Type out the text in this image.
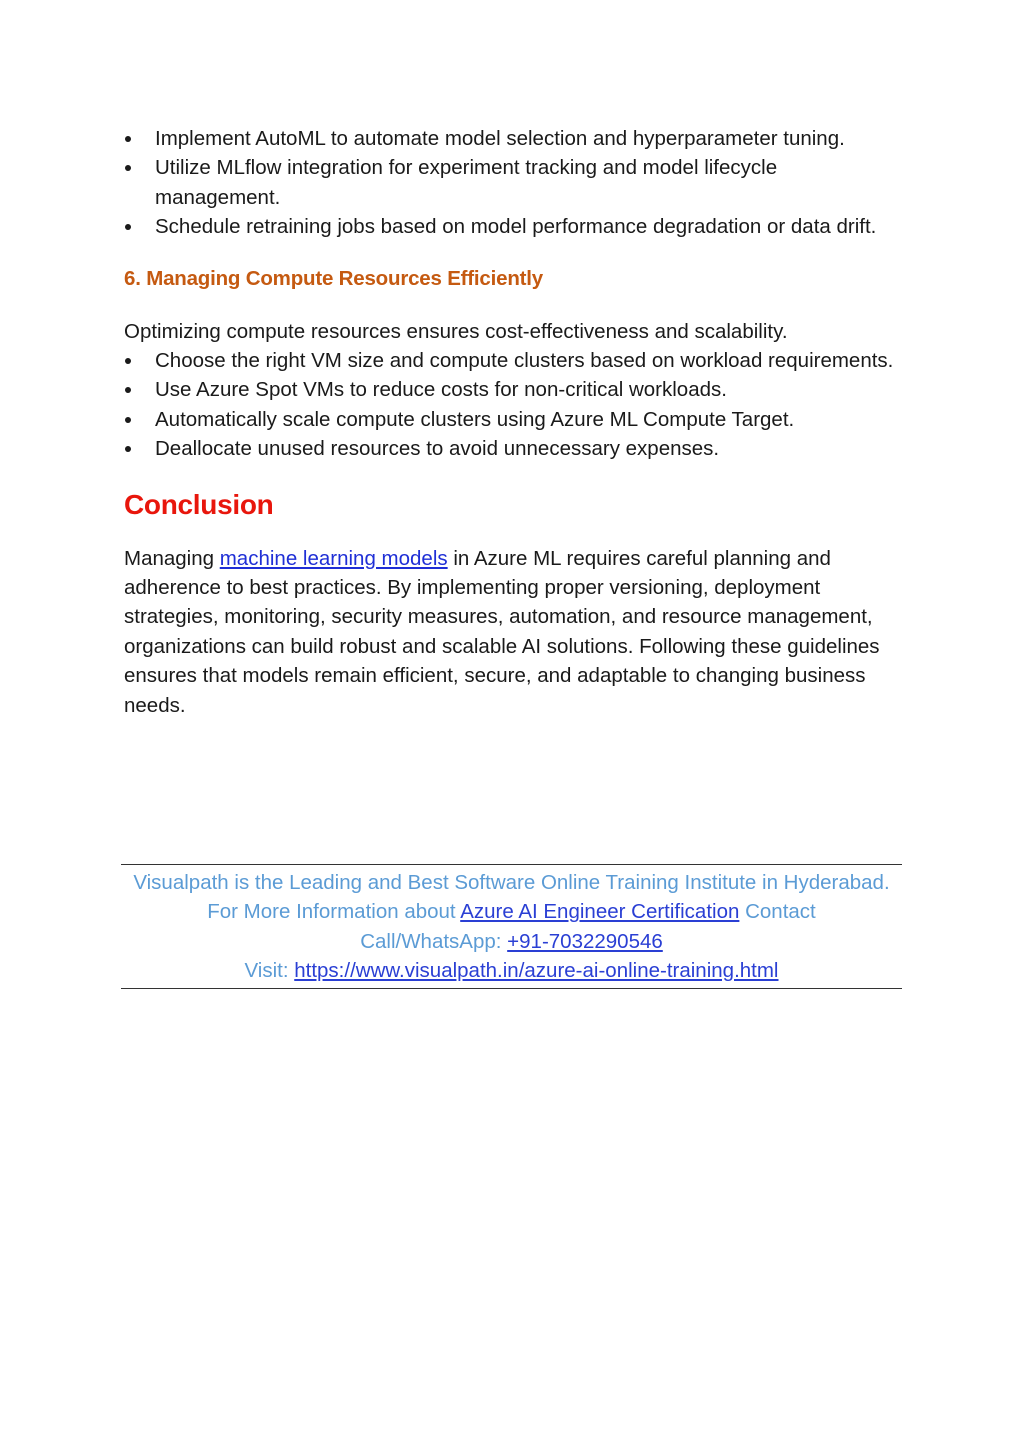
Implement AutoML to automate model selection and hyperparameter tuning.
Utilize MLflow integration for experiment tracking and model lifecycle management.
Schedule retraining jobs based on model performance degradation or data drift.
6. Managing Compute Resources Efficiently

Optimizing compute resources ensures cost-effectiveness and scalability.

Choose the right VM size and compute clusters based on workload requirements.
Use Azure Spot VMs to reduce costs for non-critical workloads.
Automatically scale compute clusters using Azure ML Compute Target.
Deallocate unused resources to avoid unnecessary expenses.
Conclusion

Managing machine learning models in Azure ML requires careful planning and adherence to best practices. By implementing proper versioning, deployment strategies, monitoring, security measures, automation, and resource management, organizations can build robust and scalable AI solutions. Following these guidelines ensures that models remain efficient, secure, and adaptable to changing business needs.

Visualpath is the Leading and Best Software Online Training Institute in Hyderabad.
For More Information about Azure AI Engineer Certification Contact
Call/WhatsApp: +91-7032290546
Visit: https://www.visualpath.in/azure-ai-online-training.html
